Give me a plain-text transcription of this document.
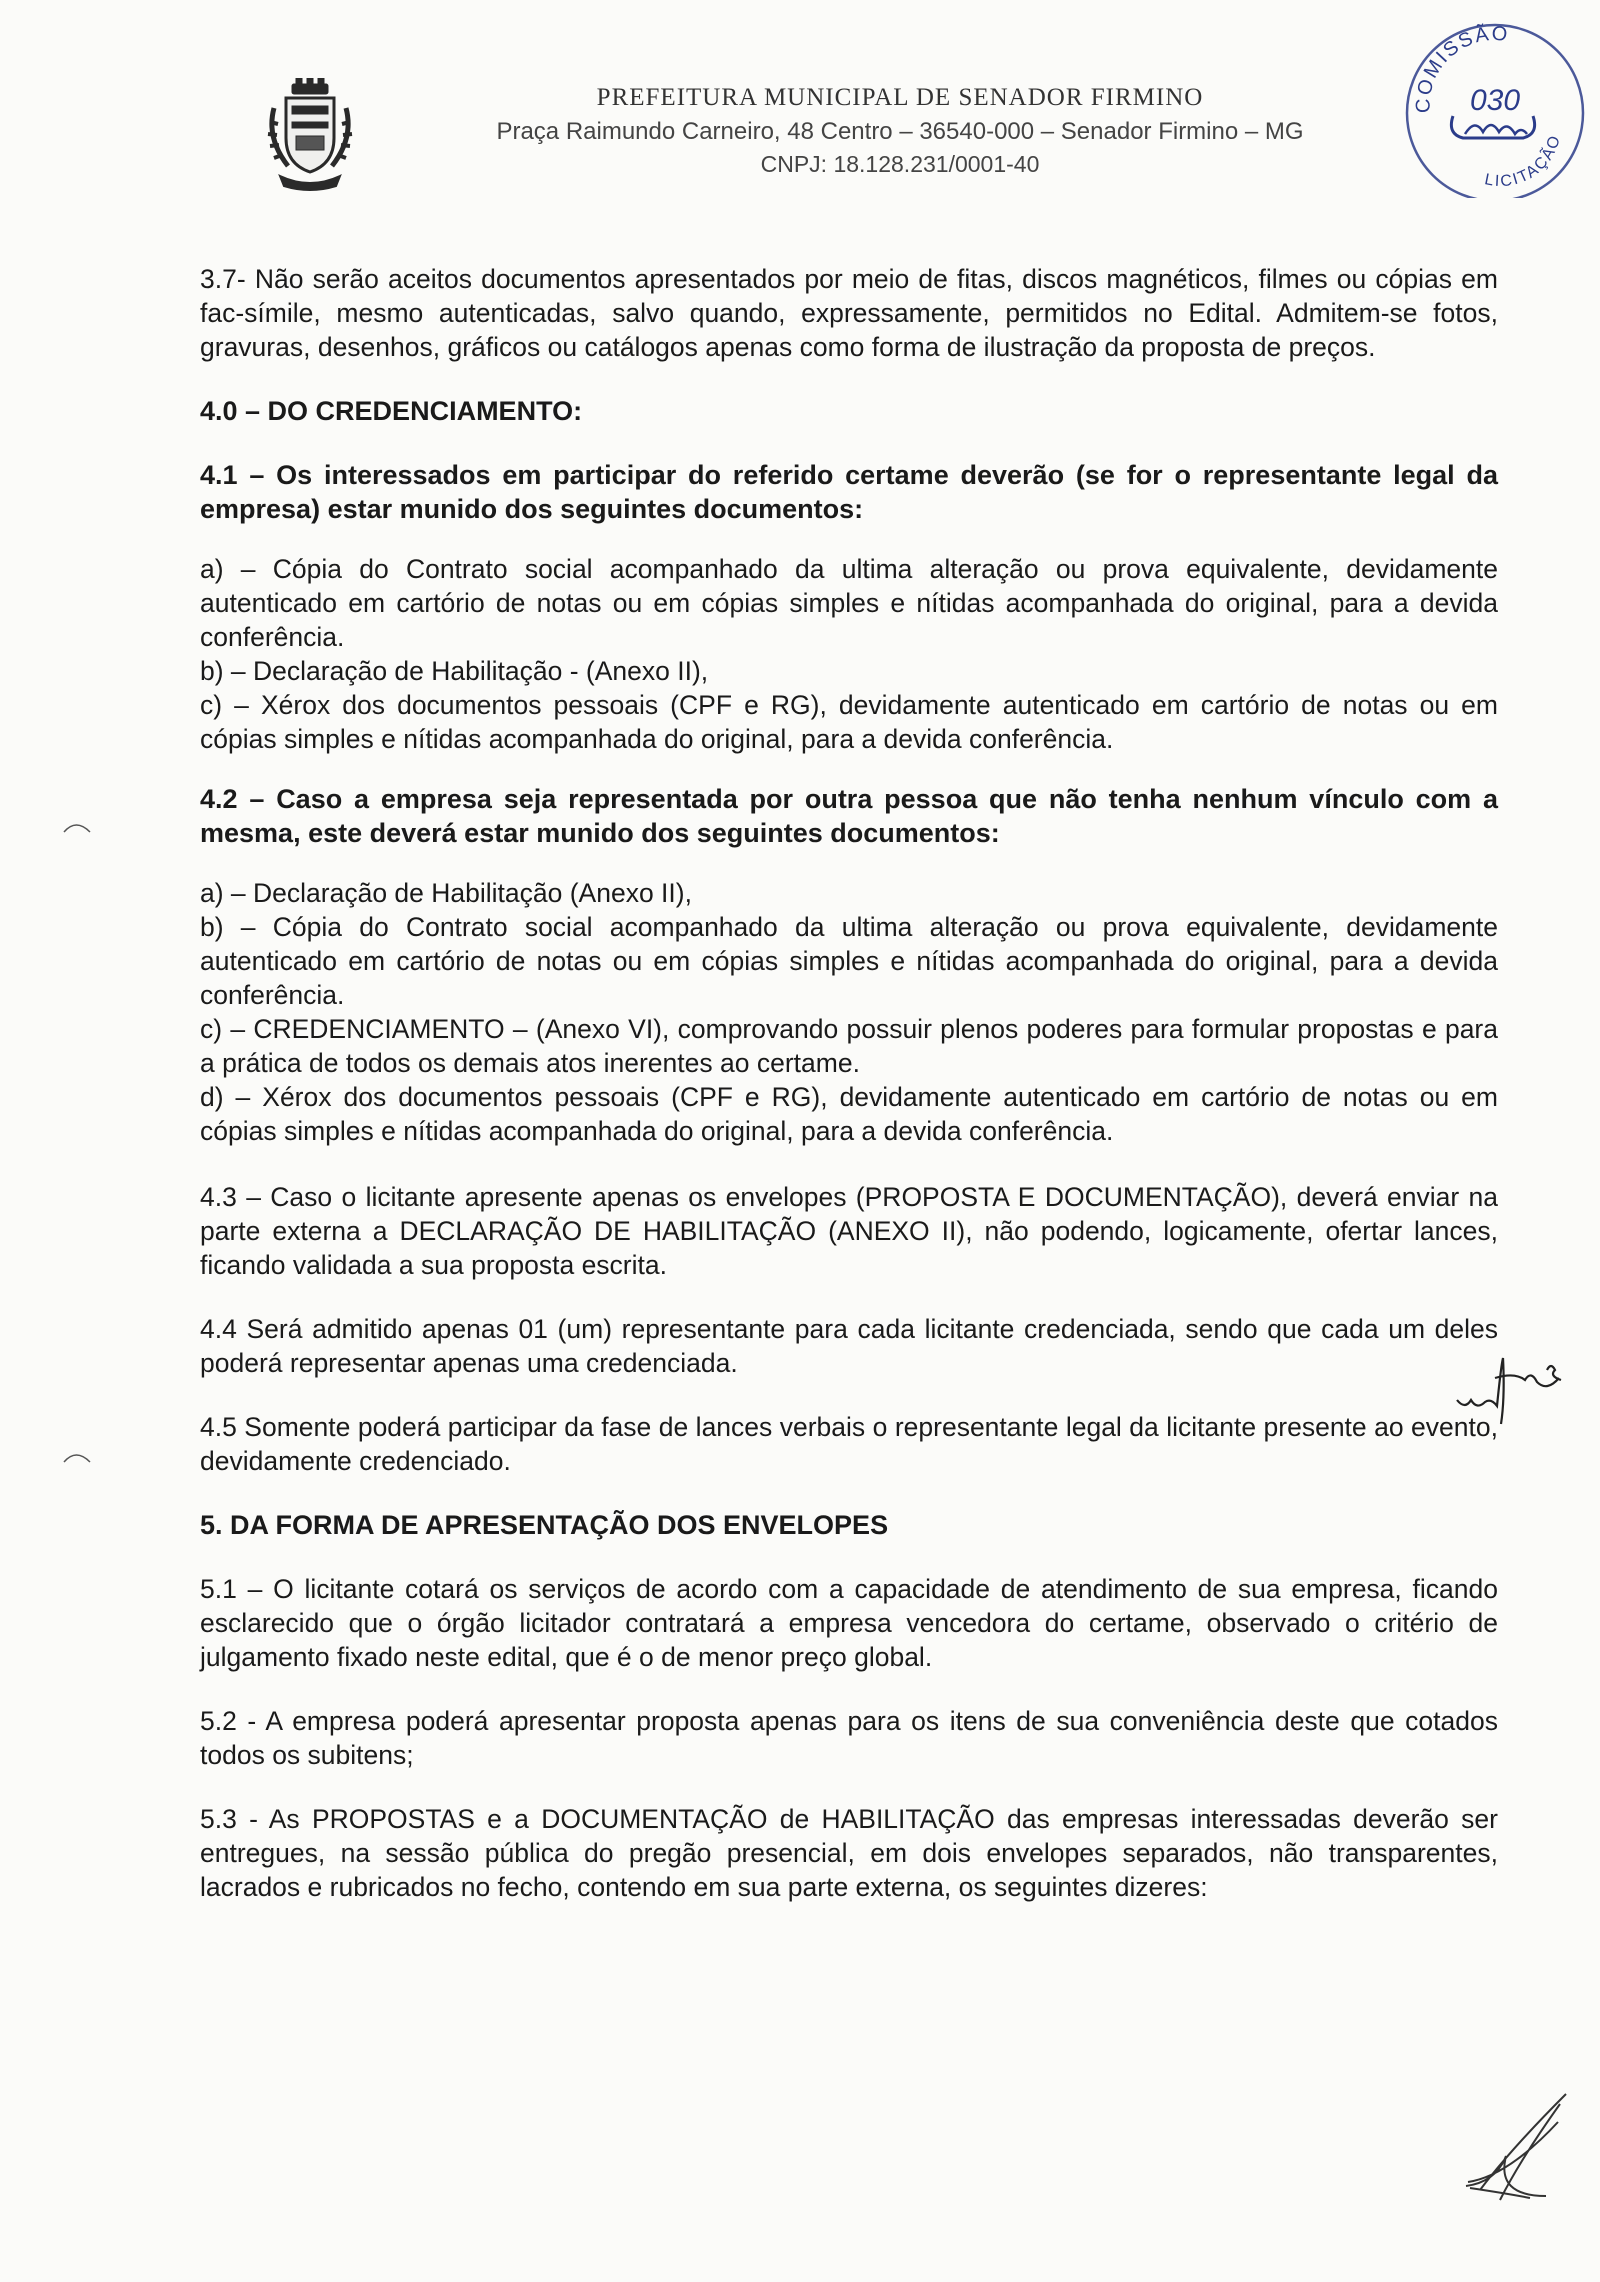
PREFEITURA MUNICIPAL DE SENADOR FIRMINO
Praça Raimundo Carneiro, 48 Centro – 36540-000 – Senador Firmino – MG
CNPJ: 18.128.231/0001-40
COMISSÃO
030
LICITAÇÃO

3.7- Não serão aceitos documentos apresentados por meio de fitas, discos magnéticos, filmes ou cópias em fac-símile, mesmo autenticadas, salvo quando, expressamente, permitidos no Edital. Admitem-se fotos, gravuras, desenhos, gráficos ou catálogos apenas como forma de ilustração da proposta de preços.

4.0 – DO CREDENCIAMENTO:

4.1 – Os interessados em participar do referido certame deverão (se for o representante legal da empresa) estar munido dos seguintes documentos:

a) – Cópia do Contrato social acompanhado da ultima alteração ou prova equivalente, devidamente autenticado em cartório de notas ou em cópias simples e nítidas acompanhada do original, para a devida conferência.

b) – Declaração de Habilitação - (Anexo II),

c) – Xérox dos documentos pessoais (CPF e RG), devidamente autenticado em cartório de notas ou em cópias simples e nítidas acompanhada do original, para a devida conferência.

4.2 – Caso a empresa seja representada por outra pessoa que não tenha nenhum vínculo com a mesma, este deverá estar munido dos seguintes documentos:

a) – Declaração de Habilitação (Anexo II),

b) – Cópia do Contrato social acompanhado da ultima alteração ou prova equivalente, devidamente autenticado em cartório de notas ou em cópias simples e nítidas acompanhada do original, para a devida conferência.

c) – CREDENCIAMENTO – (Anexo VI), comprovando possuir plenos poderes para formular propostas e para a prática de todos os demais atos inerentes ao certame.

d) – Xérox dos documentos pessoais (CPF e RG), devidamente autenticado em cartório de notas ou em cópias simples e nítidas acompanhada do original, para a devida conferência.

4.3 – Caso o licitante apresente apenas os envelopes (PROPOSTA E DOCUMENTAÇÃO), deverá enviar na parte externa a DECLARAÇÃO DE HABILITAÇÃO (ANEXO II), não podendo, logicamente, ofertar lances, ficando validada a sua proposta escrita.

4.4 Será admitido apenas 01 (um) representante para cada licitante credenciada, sendo que cada um deles poderá representar apenas uma credenciada.

4.5 Somente poderá participar da fase de lances verbais o representante legal da licitante presente ao evento, devidamente credenciado.

5. DA FORMA DE APRESENTAÇÃO DOS ENVELOPES

5.1 – O licitante cotará os serviços de acordo com a capacidade de atendimento de sua empresa, ficando esclarecido que o órgão licitador contratará a empresa vencedora do certame, observado o critério de julgamento fixado neste edital, que é o de menor preço global.

5.2 - A empresa poderá apresentar proposta apenas para os itens de sua conveniência deste que cotados todos os subitens;

5.3 - As PROPOSTAS e a DOCUMENTAÇÃO de HABILITAÇÃO das empresas interessadas deverão ser entregues, na sessão pública do pregão presencial, em dois envelopes separados, não transparentes, lacrados e rubricados no fecho, contendo em sua parte externa, os seguintes dizeres:
